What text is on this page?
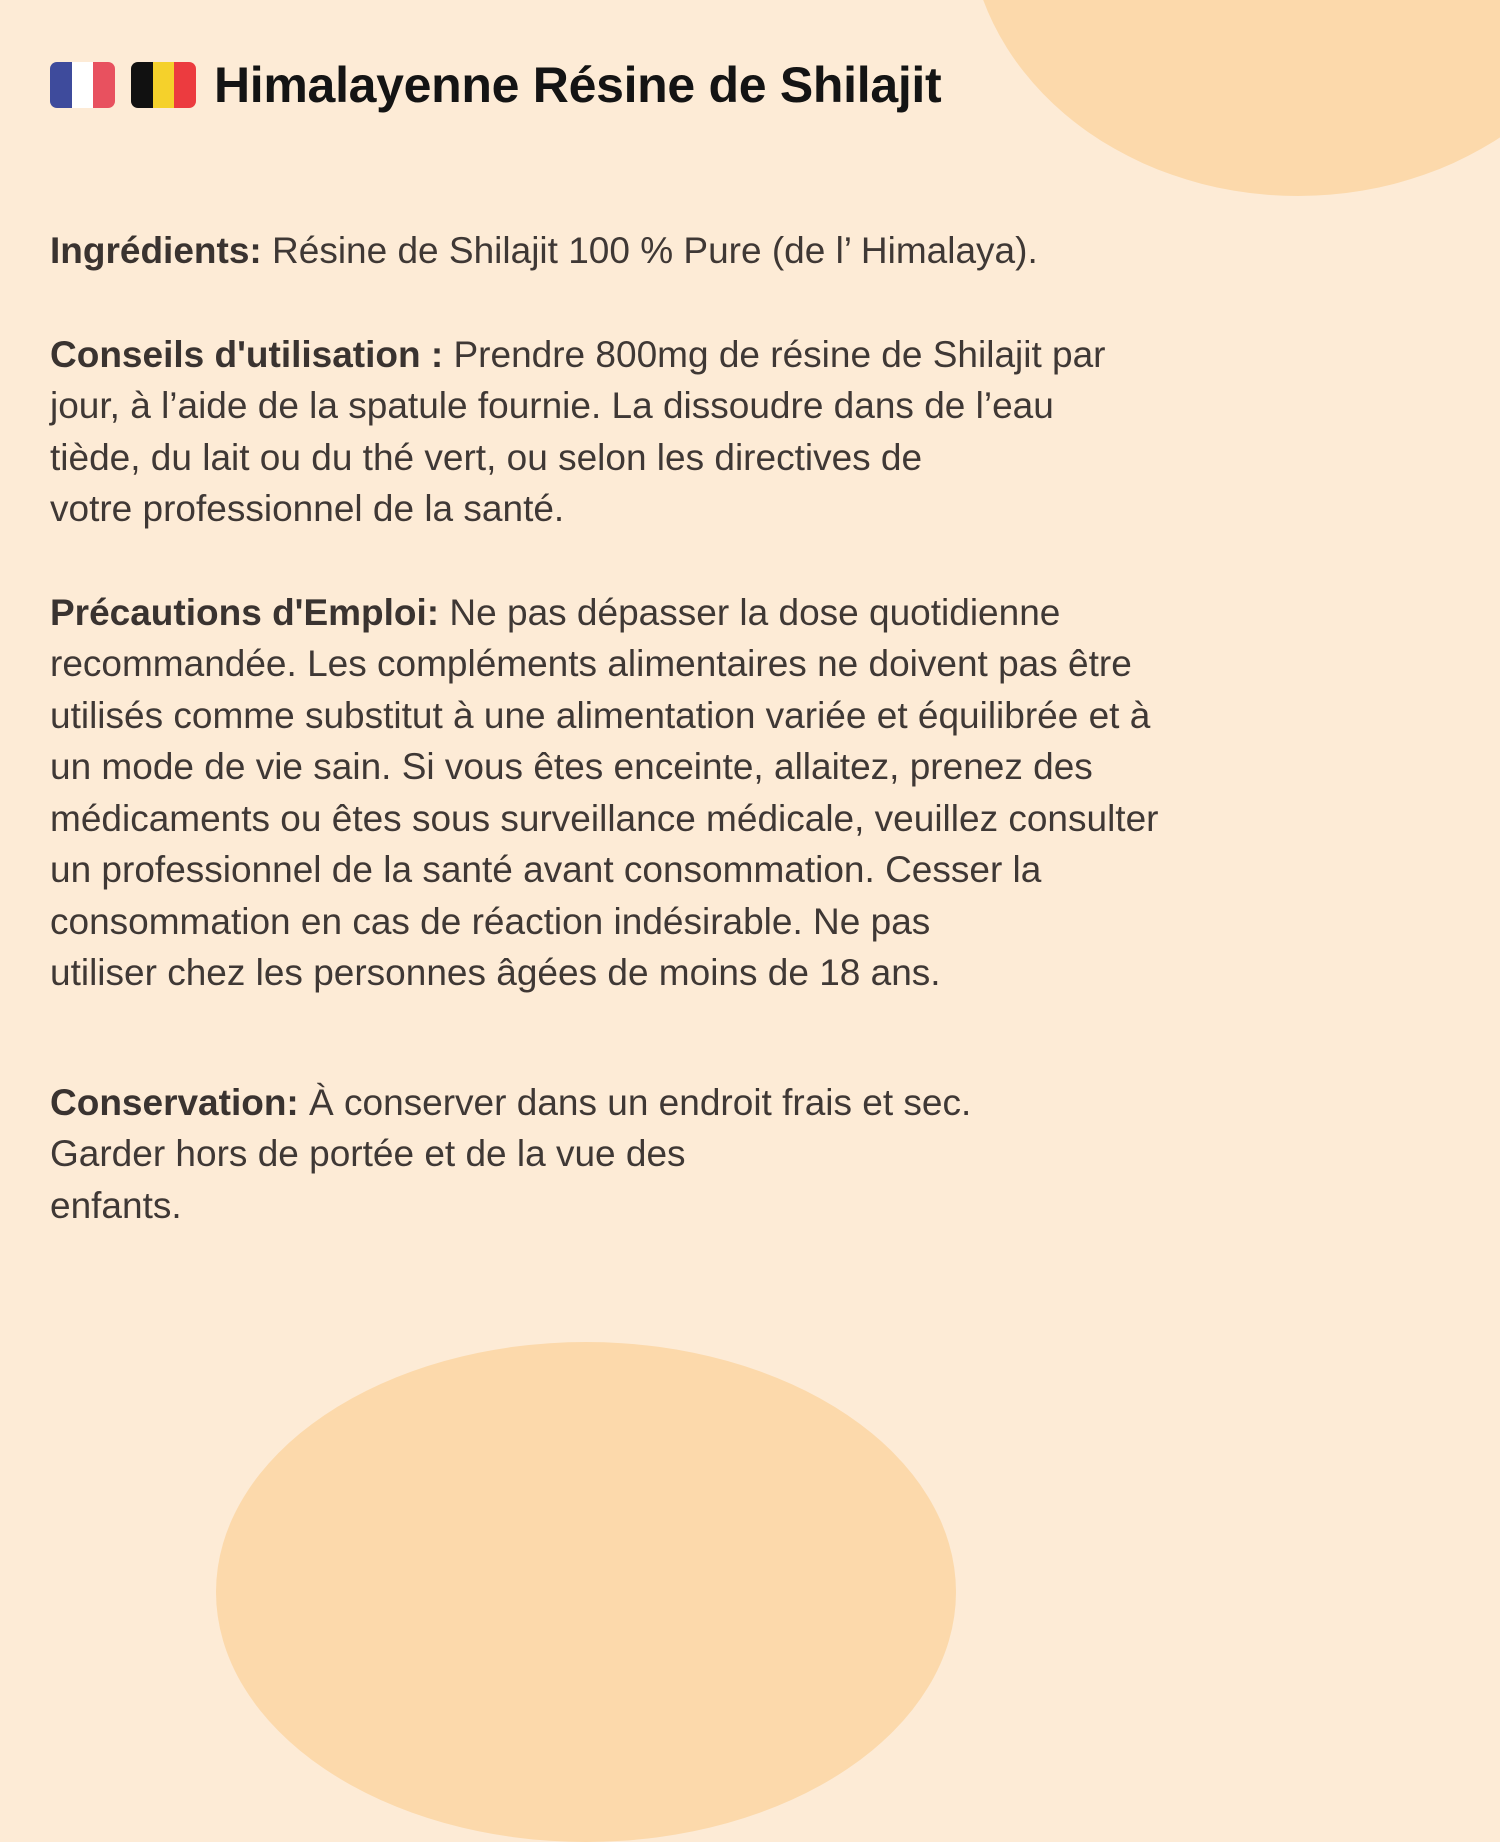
Himalayenne Résine de Shilajit

Ingrédients: Résine de Shilajit 100 % Pure (de l’ Himalaya).

Conseils d'utilisation : Prendre 800mg de résine de Shilajit par
jour, à l’aide de la spatule fournie. La dissoudre dans de l’eau
tiède, du lait ou du thé vert, ou selon les directives de
votre professionnel de la santé.

Précautions d'Emploi: Ne pas dépasser la dose quotidienne
recommandée. Les compléments alimentaires ne doivent pas être
utilisés comme substitut à une alimentation variée et équilibrée et à
un mode de vie sain. Si vous êtes enceinte, allaitez, prenez des
médicaments ou êtes sous surveillance médicale, veuillez consulter
un professionnel de la santé avant consommation. Cesser la
consommation en cas de réaction indésirable. Ne pas
utiliser chez les personnes âgées de moins de 18 ans.

Conservation: À conserver dans un endroit frais et sec.
Garder hors de portée et de la vue des
enfants.
